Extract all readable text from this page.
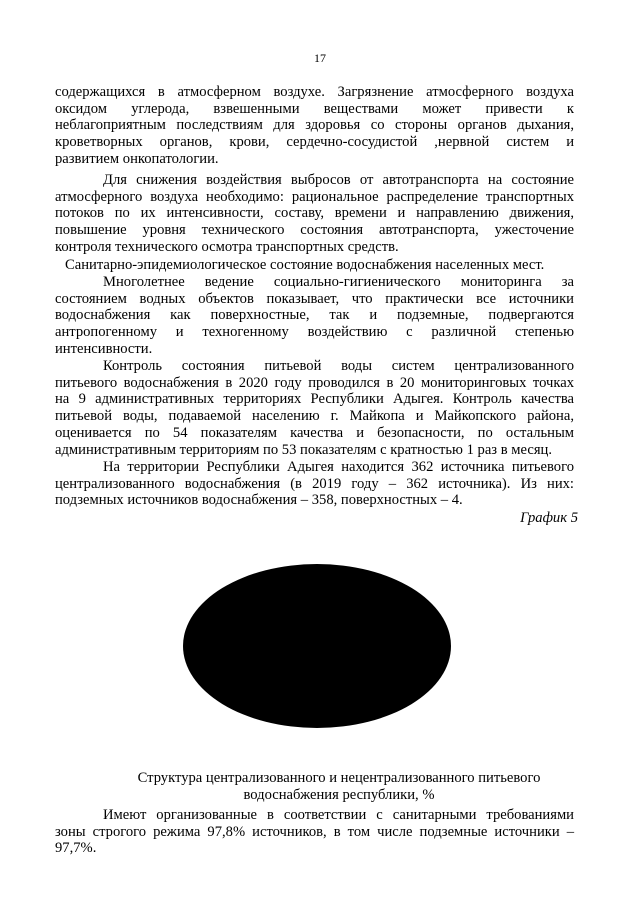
17
содержащихся в атмосферном воздухе. Загрязнение атмосферного воздуха
оксидом углерода, взвешенными веществами может привести к
неблагоприятным последствиям для здоровья со стороны органов дыхания,
кроветворных органов, крови, сердечно-сосудистой ,нервной систем и
развитием онкопатологии.
Для снижения воздействия выбросов от автотранспорта на состояние
атмосферного воздуха необходимо: рациональное распределение транспортных
потоков по их интенсивности, составу, времени и направлению движения,
повышение уровня технического состояния автотранспорта, ужесточение
контроля технического осмотра транспортных средств.
Санитарно-эпидемиологическое состояние водоснабжения населенных мест.
Многолетнее ведение социально-гигиенического мониторинга за
состоянием водных объектов показывает, что практически все источники
водоснабжения как поверхностные, так и подземные, подвергаются
антропогенному и техногенному воздействию с различной степенью
интенсивности.
Контроль состояния питьевой воды систем централизованного
питьевого водоснабжения в 2020 году проводился в 20 мониторинговых точках
на 9 административных территориях Республики Адыгея. Контроль качества
питьевой воды, подаваемой населению г. Майкопа и Майкопского района,
оценивается по 54 показателям качества и безопасности, по остальным
административным территориям по 53 показателям с кратностью 1 раз в месяц.
На территории Республики Адыгея находится 362 источника питьевого
централизованного водоснабжения (в 2019 году – 362 источника). Из них:
подземных источников водоснабжения – 358, поверхностных – 4.
График 5
Структура централизованного и нецентрализованного питьевого
водоснабжения республики, %
Имеют организованные в соответствии с санитарными требованиями
зоны строгого режима 97,8% источников, в том числе подземные источники –
97,7%.
